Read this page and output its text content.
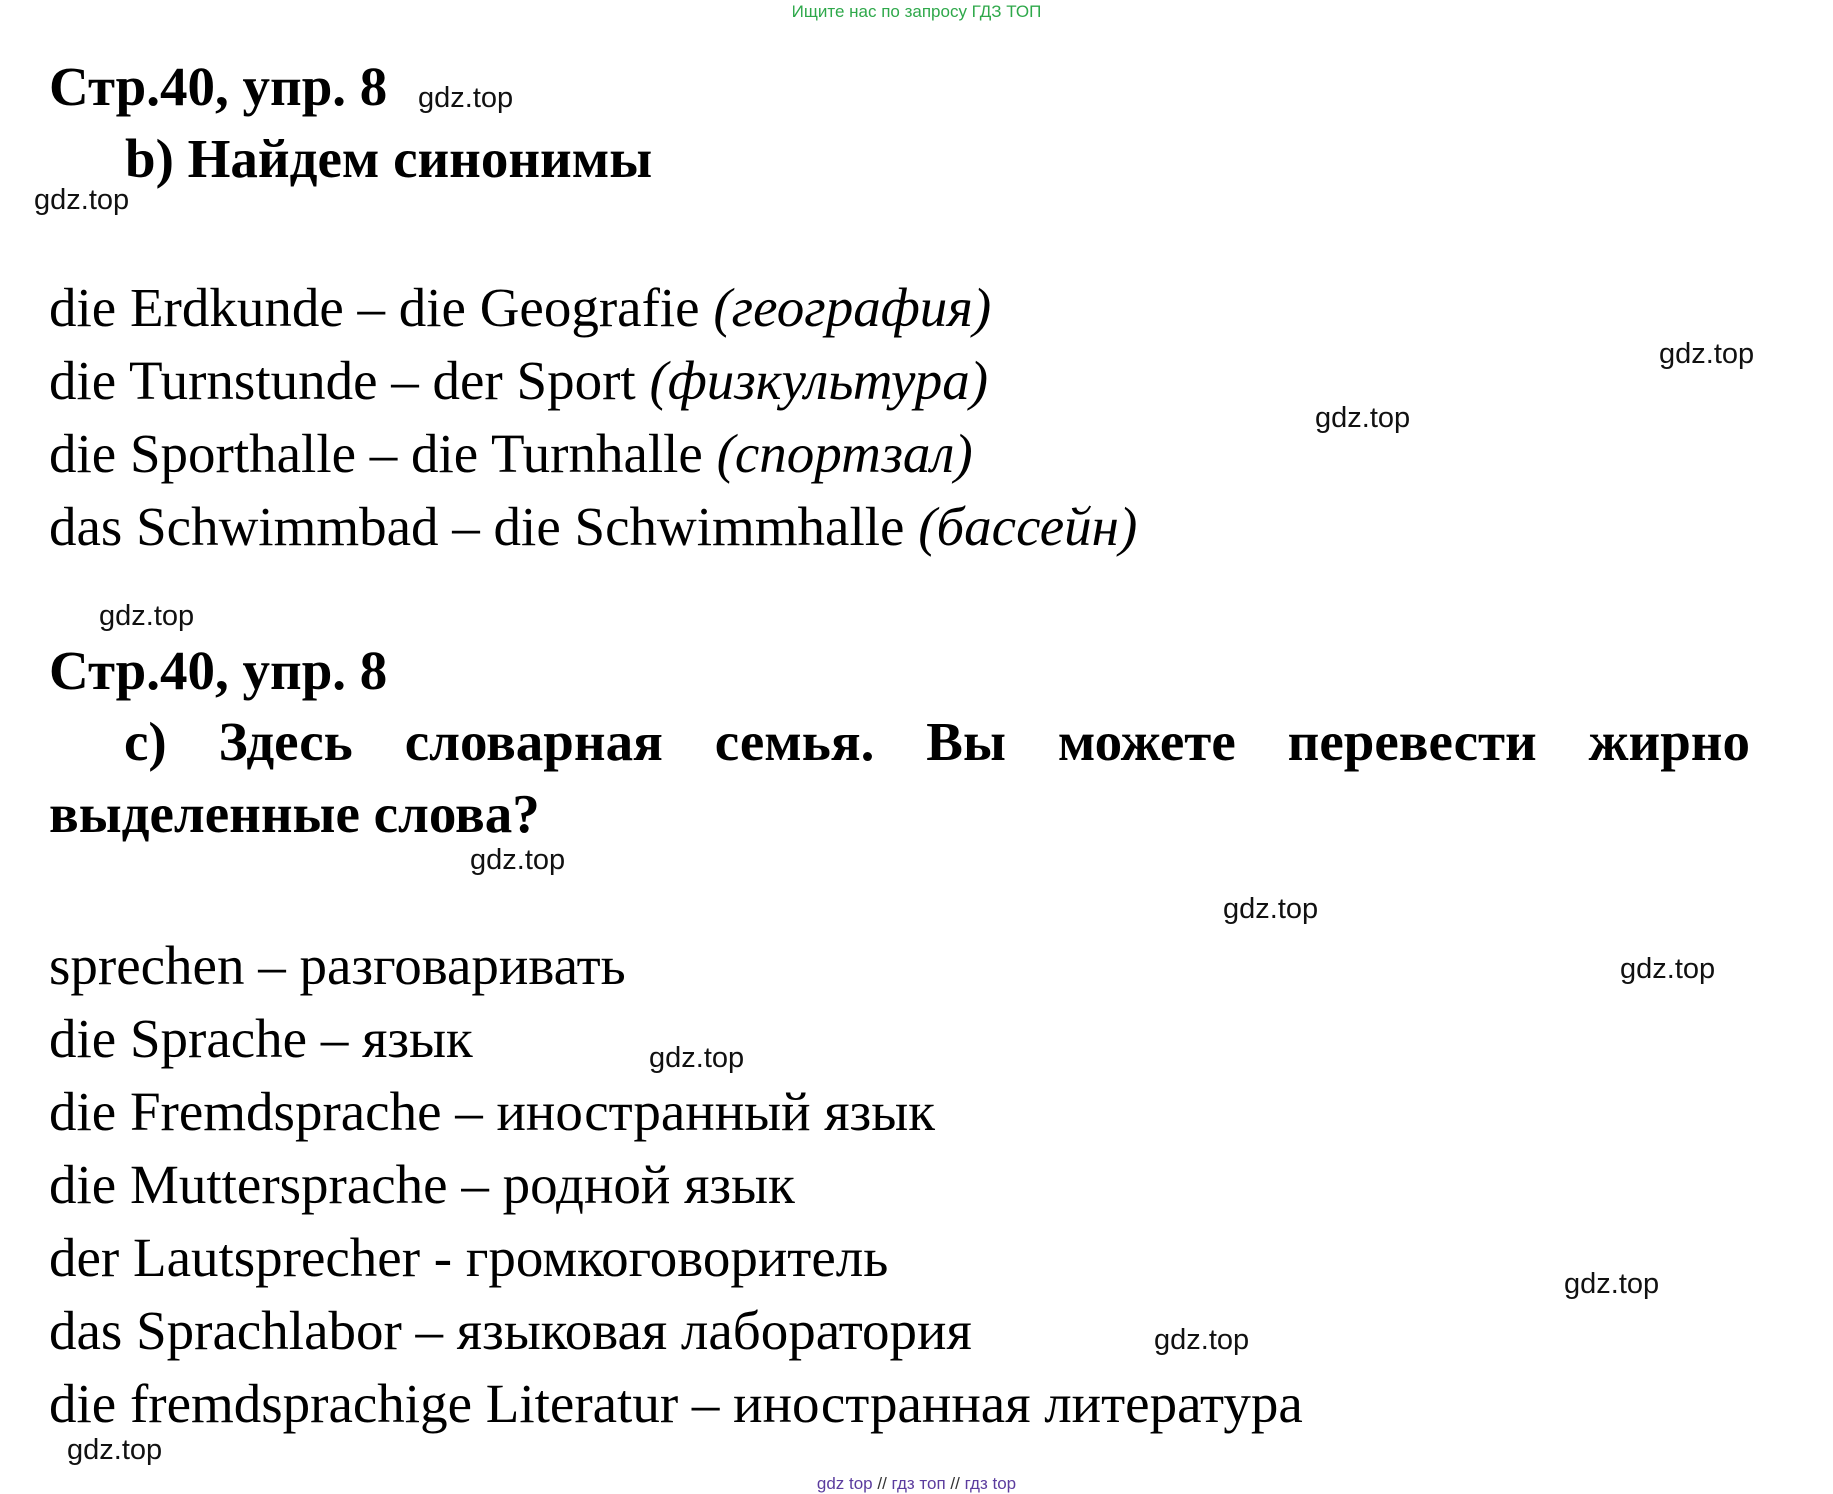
Ищите нас по запросу ГДЗ ТОП
Стр.40, упр. 8 gdz.top
b) Найдем синонимы
gdz.top
die Erdkunde – die Geografie (география)
die Turnstunde – der Sport (физкультура)
die Sporthalle – die Turnhalle (спортзал)
das Schwimmbad – die Schwimmhalle (бассейн)
gdz.top
gdz.top
gdz.top
Стр.40, упр. 8
с) Здесь словарная семья. Вы можете перевести жирно выделенные слова?
gdz.top
gdz.top
gdz.top
sprechen – разговаривать
die Sprache – язык	gdz.top
die Fremdsprache – иностранный язык
die Muttersprache – родной язык
der Lautsprecher - громкоговоритель	gdz.top
das Sprachlabor – языковая лаборатория	gdz.top
die fremdsprachige Literatur – иностранная литература
gdz.top
gdz top // гдз топ // гдз top
